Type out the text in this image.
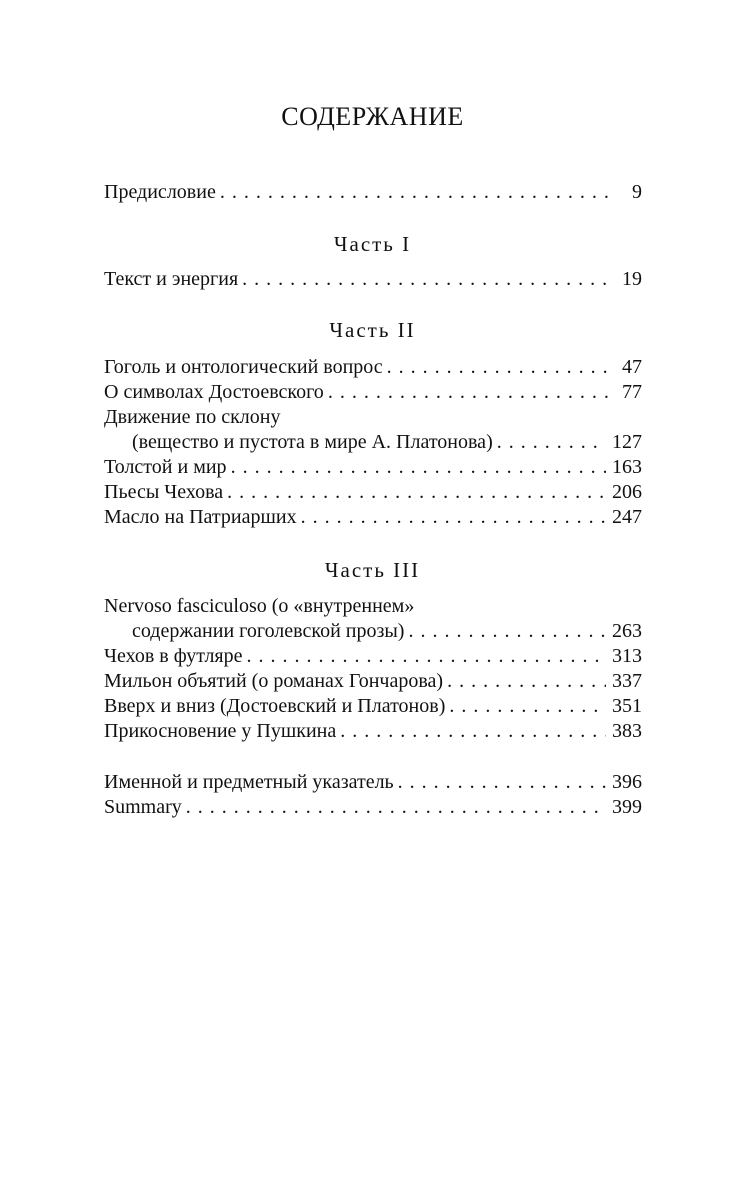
СОДЕРЖАНИЕ
Предисловие . . .	9
Часть I
Текст и энергия . . .	19
Часть II
Гоголь и онтологический вопрос . . .	47
О символах Достоевского . . .	77
Движение по склону
(вещество и пустота в мире А. Платонова) . . .	127
Толстой и мир . . .	163
Пьесы Чехова . . .	206
Масло на Патриарших . . .	247
Часть III
Nervoso fasciculoso (о «внутреннем»
содержании гоголевской прозы) . . .	263
Чехов в футляре . . .	313
Мильон объятий (о романах Гончарова) . . .	337
Вверх и вниз (Достоевский и Платонов) . . .	351
Прикосновение у Пушкина . . .	383
Именной и предметный указатель . . .	396
Summary . . .	399
